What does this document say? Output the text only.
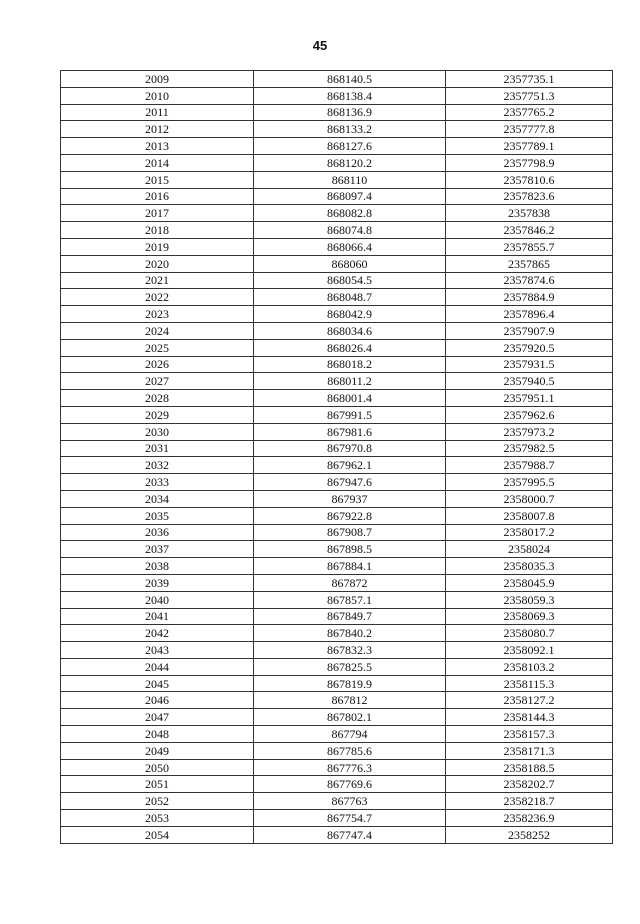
45
2009	868140.5	2357735.1
2010	868138.4	2357751.3
2011	868136.9	2357765.2
2012	868133.2	2357777.8
2013	868127.6	2357789.1
2014	868120.2	2357798.9
2015	868110	2357810.6
2016	868097.4	2357823.6
2017	868082.8	2357838
2018	868074.8	2357846.2
2019	868066.4	2357855.7
2020	868060	2357865
2021	868054.5	2357874.6
2022	868048.7	2357884.9
2023	868042.9	2357896.4
2024	868034.6	2357907.9
2025	868026.4	2357920.5
2026	868018.2	2357931.5
2027	868011.2	2357940.5
2028	868001.4	2357951.1
2029	867991.5	2357962.6
2030	867981.6	2357973.2
2031	867970.8	2357982.5
2032	867962.1	2357988.7
2033	867947.6	2357995.5
2034	867937	2358000.7
2035	867922.8	2358007.8
2036	867908.7	2358017.2
2037	867898.5	2358024
2038	867884.1	2358035.3
2039	867872	2358045.9
2040	867857.1	2358059.3
2041	867849.7	2358069.3
2042	867840.2	2358080.7
2043	867832.3	2358092.1
2044	867825.5	2358103.2
2045	867819.9	2358115.3
2046	867812	2358127.2
2047	867802.1	2358144.3
2048	867794	2358157.3
2049	867785.6	2358171.3
2050	867776.3	2358188.5
2051	867769.6	2358202.7
2052	867763	2358218.7
2053	867754.7	2358236.9
2054	867747.4	2358252
